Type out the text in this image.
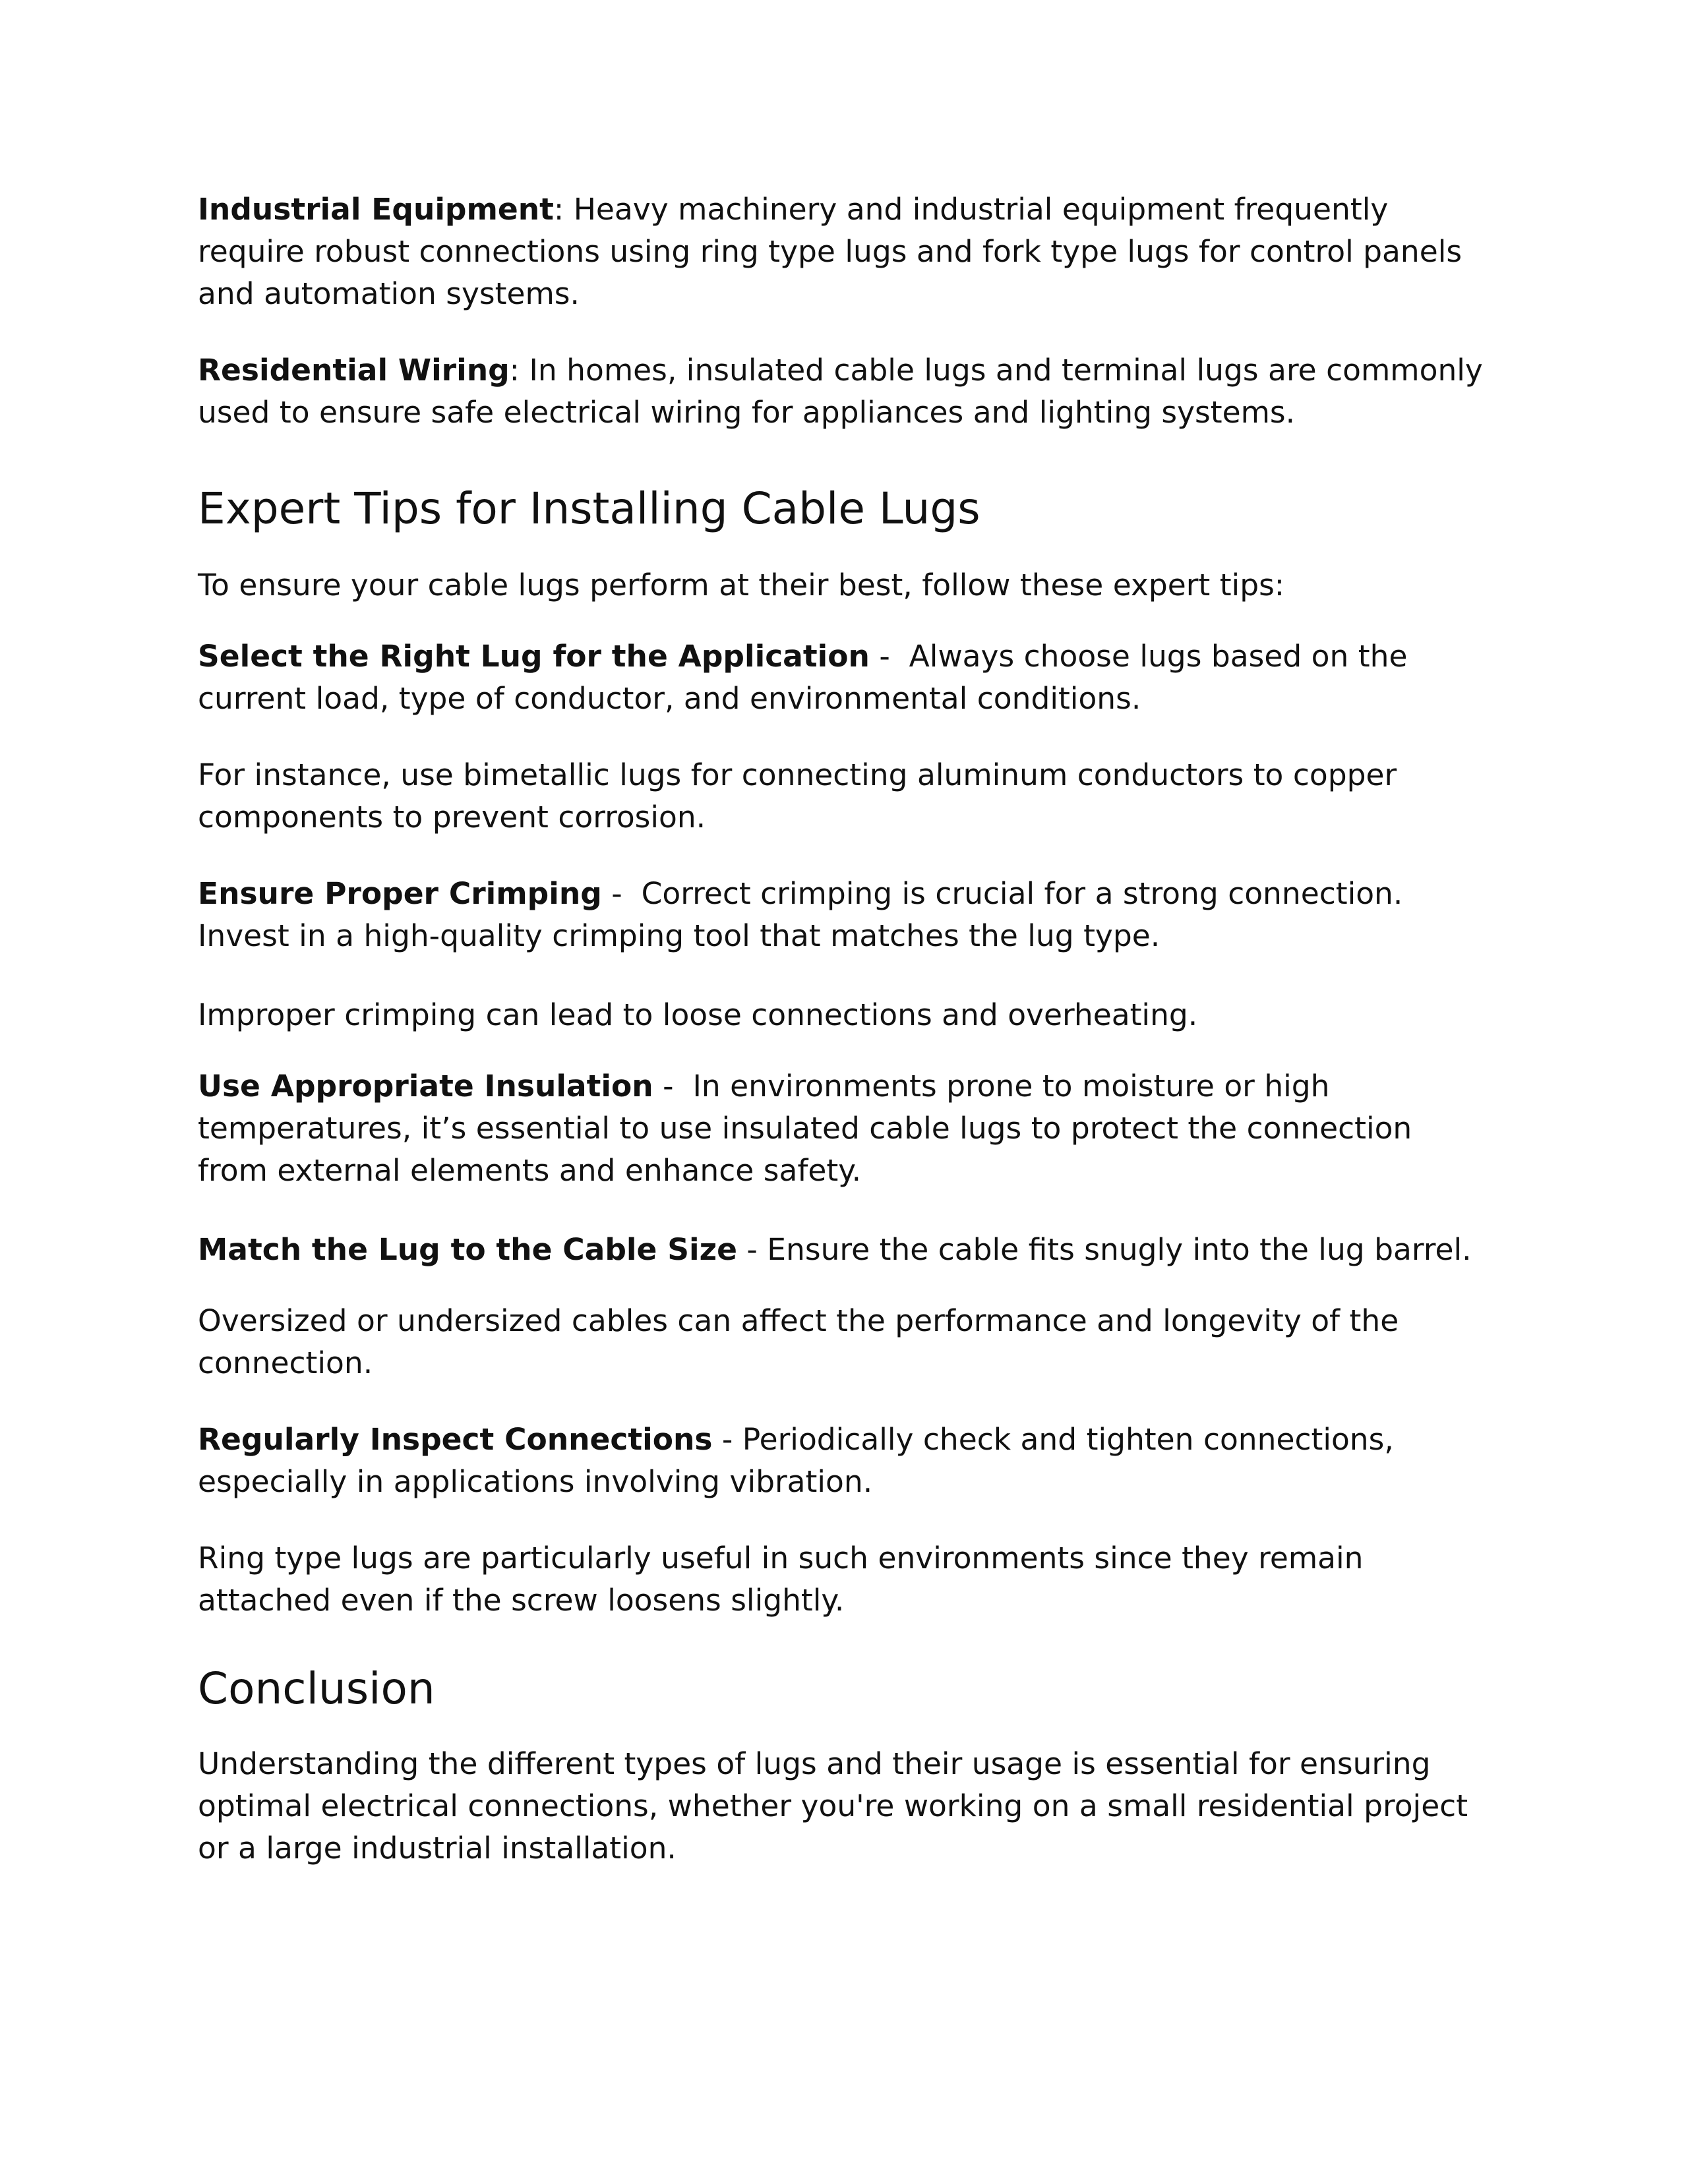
Industrial Equipment: Heavy machinery and industrial equipment frequently require robust connections using ring type lugs and fork type lugs for control panels and automation systems.

Residential Wiring: In homes, insulated cable lugs and terminal lugs are commonly used to ensure safe electrical wiring for appliances and lighting systems.

Expert Tips for Installing Cable Lugs

To ensure your cable lugs perform at their best, follow these expert tips:

Select the Right Lug for the Application -  Always choose lugs based on the current load, type of conductor, and environmental conditions.

For instance, use bimetallic lugs for connecting aluminum conductors to copper components to prevent corrosion.

Ensure Proper Crimping -  Correct crimping is crucial for a strong connection. Invest in a high-quality crimping tool that matches the lug type.

Improper crimping can lead to loose connections and overheating.

Use Appropriate Insulation -  In environments prone to moisture or high temperatures, it’s essential to use insulated cable lugs to protect the connection from external elements and enhance safety.

Match the Lug to the Cable Size - Ensure the cable fits snugly into the lug barrel.

Oversized or undersized cables can affect the performance and longevity of the connection.

Regularly Inspect Connections - Periodically check and tighten connections, especially in applications involving vibration.

Ring type lugs are particularly useful in such environments since they remain attached even if the screw loosens slightly.

Conclusion

Understanding the different types of lugs and their usage is essential for ensuring optimal electrical connections, whether you're working on a small residential project or a large industrial installation.
